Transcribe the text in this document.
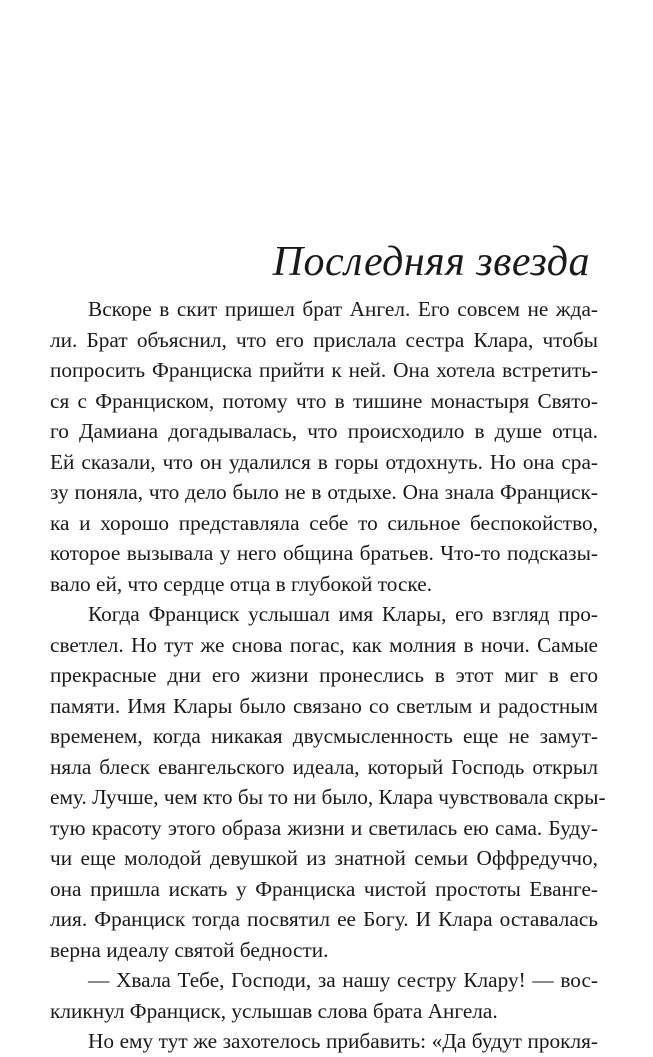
Последняя звезда
Вскоре в скит пришел брат Ангел. Его совсем не жда-
ли. Брат объяснил, что его прислала сестра Клара, чтобы
попросить Франциска прийти к ней. Она хотела встретить-
ся с Франциском, потому что в тишине монастыря Свято-
го Дамиана догадывалась, что происходило в душе отца.
Ей сказали, что он удалился в горы отдохнуть. Но она сра-
зу поняла, что дело было не в отдыхе. Она знала Франциск-
ка и хорошо представляла себе то сильное беспокойство,
которое вызывала у него община братьев. Что-то подсказы-
вало ей, что сердце отца в глубокой тоске.
Когда Франциск услышал имя Клары, его взгляд про-
светлел. Но тут же снова погас, как молния в ночи. Самые
прекрасные дни его жизни пронеслись в этот миг в его
памяти. Имя Клары было связано со светлым и радостным
временем, когда никакая двусмысленность еще не замут-
няла блеск евангельского идеала, который Господь открыл
ему. Лучше, чем кто бы то ни было, Клара чувствовала скры-
тую красоту этого образа жизни и светилась ею сама. Буду-
чи еще молодой девушкой из знатной семьи Оффредуччо,
она пришла искать у Франциска чистой простоты Еванге-
лия. Франциск тогда посвятил ее Богу. И Клара оставалась
верна идеалу святой бедности.
— Хвала Тебе, Господи, за нашу сестру Клару! — вос-
кликнул Франциск, услышав слова брата Ангела.
Но ему тут же захотелось прибавить: «Да будут прокля-
